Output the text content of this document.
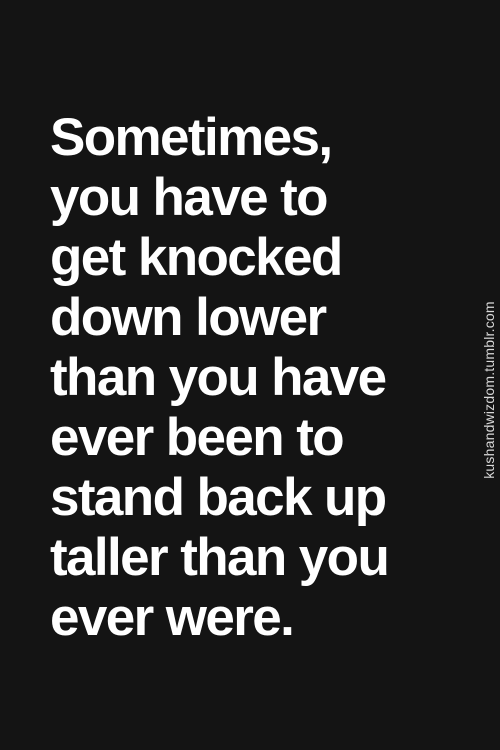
Sometimes,
you have to
get knocked
down lower
than you have
ever been to
stand back up
taller than you
ever were.
kushandwizdom.tumblr.com
